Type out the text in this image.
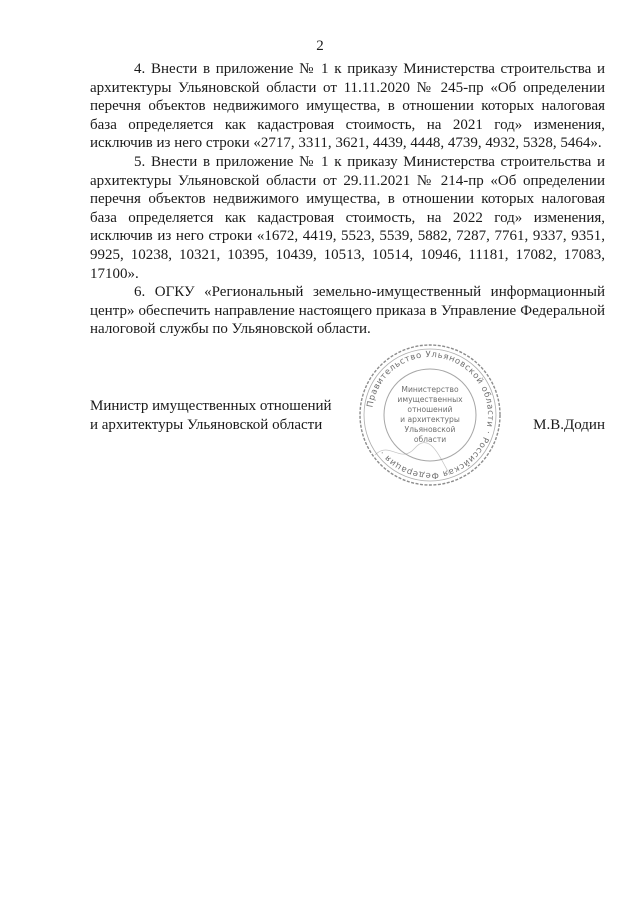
2

4. Внести в приложение № 1 к приказу Министерства строительства и архитектуры Ульяновской области от 11.11.2020 № 245-пр «Об определении перечня объектов недвижимого имущества, в отношении которых налоговая база определяется как кадастровая стоимость, на 2021 год» изменения, исключив из него строки «2717, 3311, 3621, 4439, 4448, 4739, 4932, 5328, 5464».

5. Внести в приложение № 1 к приказу Министерства строительства и архитектуры Ульяновской области от 29.11.2021 № 214-пр «Об определении перечня объектов недвижимого имущества, в отношении которых налоговая база определяется как кадастровая стоимость, на 2022 год» изменения, исключив из него строки «1672, 4419, 5523, 5539, 5882, 7287, 7761, 9337, 9351, 9925, 10238, 10321, 10395, 10439, 10513, 10514, 10946, 11181, 17082, 17083, 17100».

6. ОГКУ «Региональный земельно-имущественный информационный центр» обеспечить направление настоящего приказа в Управление Федеральной налоговой службы по Ульяновской области.

Министр имущественных отношений
и архитектуры Ульяновской области	М.В.Додин
Правительство Ульяновской области · Российская Федерация ·
Министерство
имущественных
отношений
и архитектуры
Ульяновской
области
